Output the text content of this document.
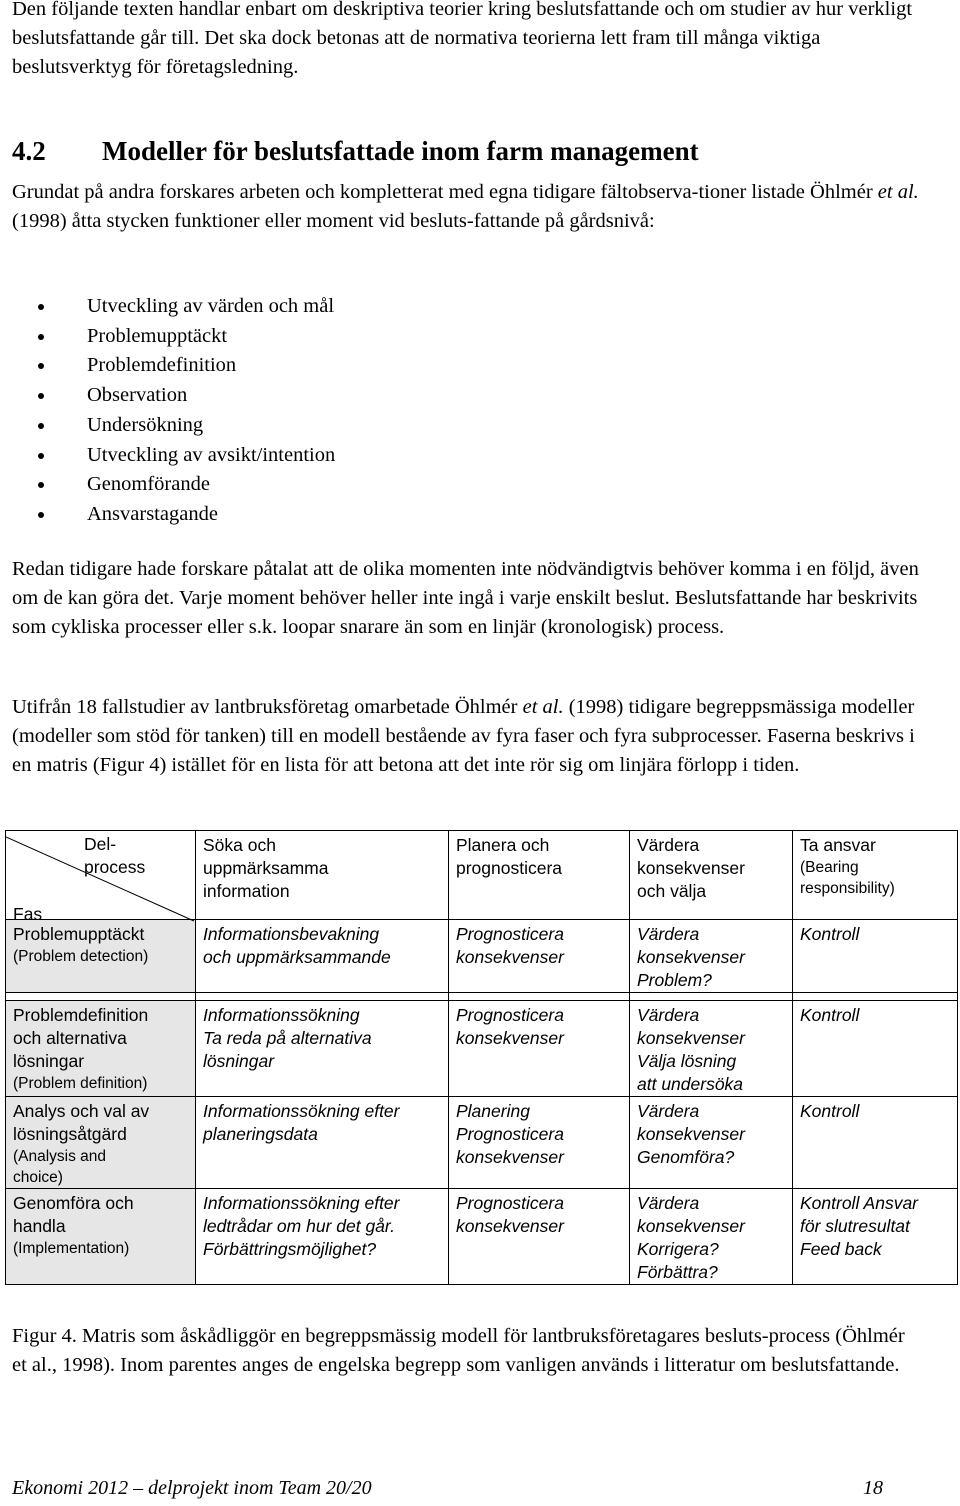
Den följande texten handlar enbart om deskriptiva teorier kring beslutsfattande och om studier av hur verkligt beslutsfattande går till. Det ska dock betonas att de normativa teorierna lett fram till många viktiga beslutsverktyg för företagsledning.

4.2 Modeller för beslutsfattade inom farm management

Grundat på andra forskares arbeten och kompletterat med egna tidigare fältobserva-tioner listade Öhlmér et al. (1998) åtta stycken funktioner eller moment vid besluts-fattande på gårdsnivå:

Utveckling av värden och mål
Problemupptäckt
Problemdefinition
Observation
Undersökning
Utveckling av avsikt/intention
Genomförande
Ansvarstagande

Redan tidigare hade forskare påtalat att de olika momenten inte nödvändigtvis behöver komma i en följd, även om de kan göra det. Varje moment behöver heller inte ingå i varje enskilt beslut. Beslutsfattande har beskrivits som cykliska processer eller s.k. loopar snarare än som en linjär (kronologisk) process.

Utifrån 18 fallstudier av lantbruksföretag omarbetade Öhlmér et al. (1998) tidigare begreppsmässiga modeller (modeller som stöd för tanken) till en modell bestående av fyra faser och fyra subprocesser. Faserna beskrivs i en matris (Figur 4) istället för en lista för att betona att det inte rör sig om linjära förlopp i tiden.

Del-
process
Fas	Söka och
uppmärksamma
information	Planera och
prognosticera	Värdera
konsekvenser
och välja	Ta ansvar
(Bearing
responsibility)

Problemupptäckt
(Problem detection)	Informationsbevakning
och uppmärksammande	Prognosticera
konsekvenser	Värdera
konsekvenser
Problem?	Kontroll

Problemdefinition
och alternativa
lösningar
(Problem definition)	Informationssökning
Ta reda på alternativa
lösningar	Prognosticera
konsekvenser	Värdera
konsekvenser
Välja lösning
att undersöka	Kontroll
Analys och val av
lösningsåtgärd
(Analysis and
choice)	Informationssökning efter
planeringsdata	Planering
Prognosticera
konsekvenser	Värdera
konsekvenser
Genomföra?	Kontroll
Genomföra och
handla
(Implementation)	Informationssökning efter
ledtrådar om hur det går.
Förbättringsmöjlighet?	Prognosticera
konsekvenser	Värdera
konsekvenser
Korrigera?
Förbättra?	Kontroll Ansvar
för slutresultat
Feed back

Figur 4. Matris som åskådliggör en begreppsmässig modell för lantbruksföretagares besluts-process (Öhlmér et al., 1998). Inom parentes anges de engelska begrepp som vanligen används i litteratur om beslutsfattande.

Ekonomi 2012 – delprojekt inom Team 20/20	18
